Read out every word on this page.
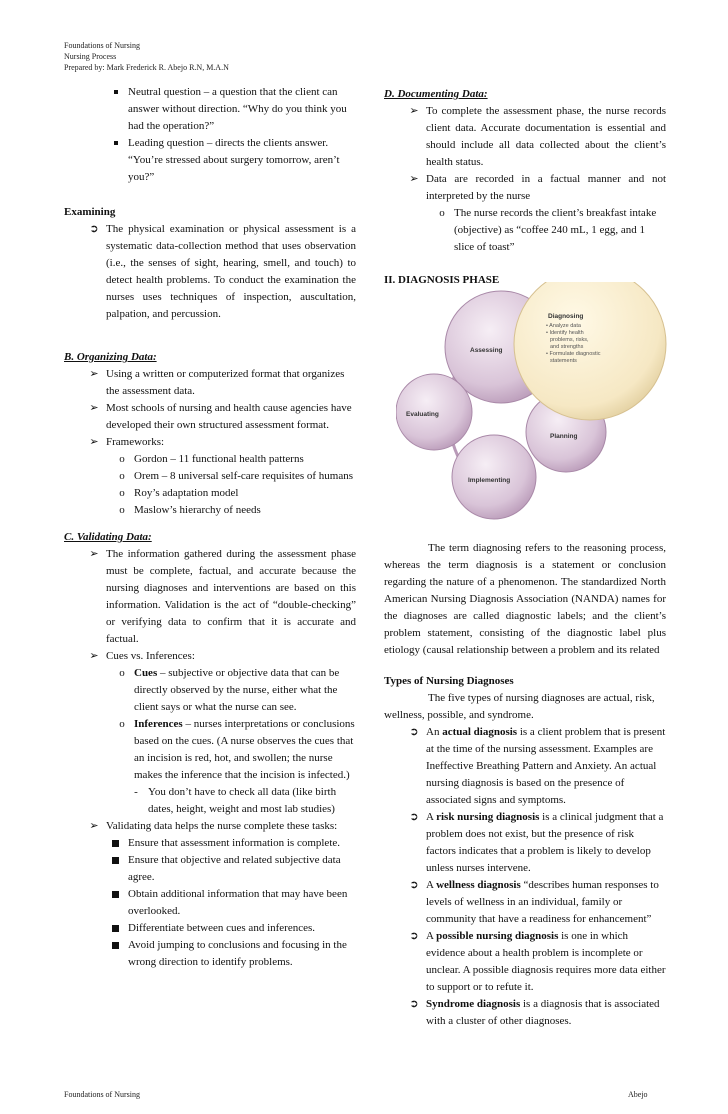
Foundations of Nursing
Nursing Process
Prepared by: Mark Frederick R. Abejo R.N, M.A.N
Neutral question – a question that the client can answer without direction. “Why do you think you had the operation?”
Leading question – directs the clients answer. “You’re stressed about surgery tomorrow, aren’t you?”
Examining
➲ The physical examination or physical assessment is a systematic data-collection method that uses observation (i.e., the senses of sight, hearing, smell, and touch) to detect health problems. To conduct the examination the nurses uses techniques of inspection, auscultation, palpation, and percussion.
B. Organizing Data:
➢ Using a written or computerized format that organizes the assessment data.
➢ Most schools of nursing and health cause agencies have developed their own structured assessment format.
➢ Frameworks:
o Gordon – 11 functional health patterns
o Orem – 8 universal self-care requisites of humans
o Roy’s adaptation model
o Maslow’s hierarchy of needs
C. Validating Data:
➢ The information gathered during the assessment phase must be complete, factual, and accurate because the nursing diagnoses and interventions are based on this information. Validation is the act of “double-checking” or verifying data to confirm that it is accurate and factual.
➢ Cues vs. Inferences:
o Cues – subjective or objective data that can be directly observed by the nurse, either what the client says or what the nurse can see.
o Inferences – nurses interpretations or conclusions based on the cues. (A nurse observes the cues that an incision is red, hot, and swollen; the nurse makes the inference that the incision is infected.)
- You don’t have to check all data (like birth dates, height, weight and most lab studies)
➢ Validating data helps the nurse complete these tasks:
Ensure that assessment information is complete.
Ensure that objective and related subjective data agree.
Obtain additional information that may have been overlooked.
Differentiate between cues and inferences.
Avoid jumping to conclusions and focusing in the wrong direction to identify problems.
D. Documenting Data:
➢ To complete the assessment phase, the nurse records client data. Accurate documentation is essential and should include all data collected about the client’s health status.
➢ Data are recorded in a factual manner and not interpreted by the nurse
o The nurse records the client’s breakfast intake (objective) as “coffee 240 mL, 1 egg, and 1 slice of toast”
II. DIAGNOSIS PHASE
Assessing
Diagnosing
• Analyze data
• Identify health
problems, risks,
and strengths
• Formulate diagnostic
statements
Evaluating
Planning
Implementing
The term diagnosing refers to the reasoning process, whereas the term diagnosis is a statement or conclusion regarding the nature of a phenomenon. The standardized North American Nursing Diagnosis Association (NANDA) names for the diagnoses are called diagnostic labels; and the client’s problem statement, consisting of the diagnostic label plus etiology (causal relationship between a problem and its related
Types of Nursing Diagnoses
The five types of nursing diagnoses are actual, risk, wellness, possible, and syndrome.
➲ An actual diagnosis is a client problem that is present at the time of the nursing assessment. Examples are Ineffective Breathing Pattern and Anxiety. An actual nursing diagnosis is based on the presence of associated signs and symptoms.
➲ A risk nursing diagnosis is a clinical judgment that a problem does not exist, but the presence of risk factors indicates that a problem is likely to develop unless nurses intervene.
➲ A wellness diagnosis “describes human responses to levels of wellness in an individual, family or community that have a readiness for enhancement”
➲ A possible nursing diagnosis is one in which evidence about a health problem is incomplete or unclear. A possible diagnosis requires more data either to support or to refute it.
➲ Syndrome diagnosis is a diagnosis that is associated with a cluster of other diagnoses.
Foundations of Nursing	Abejo
